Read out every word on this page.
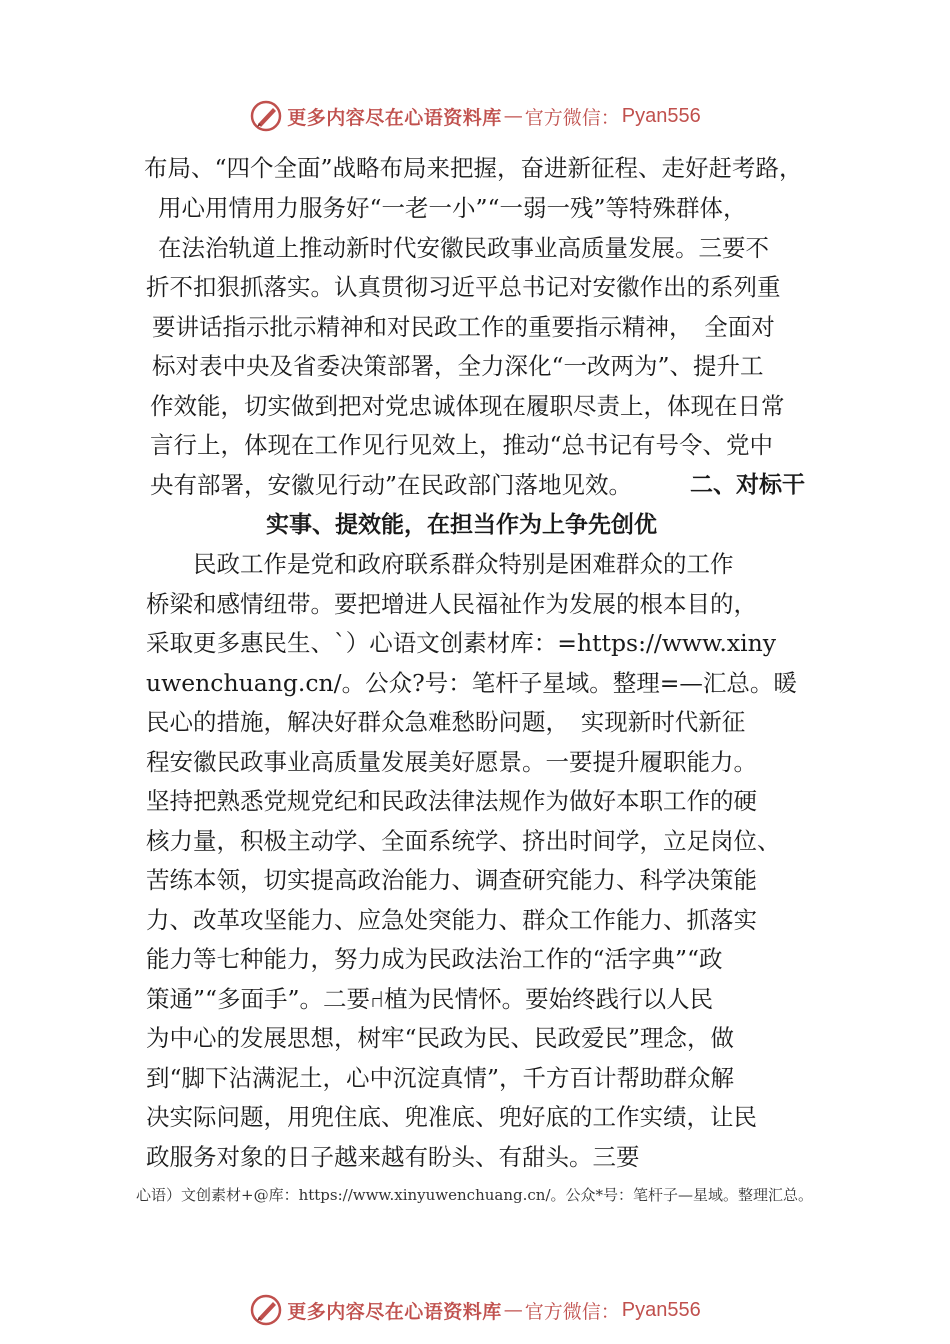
更多内容尽在心语资料库 — 官方微信： Pyan556
布局、“四个全面”战略布局来把握，奋进新征程、走好赶考路，
用心用情用力服务好“一老一小”“一弱一残”等特殊群体，
在法治轨道上推动新时代安徽民政事业高质量发展。三要不
折不扣狠抓落实。认真贯彻习近平总书记对安徽作出的系列重
要讲话指示批示精神和对民政工作的重要指示精神，　全面对
标对表中央及省委决策部署，全力深化“一改两为”、提升工
作效能，切实做到把对党忠诚体现在履职尽责上，体现在日常
言行上，体现在工作见行见效上，推动“总书记有号令、党中
央有部署，安徽见行动”在民政部门落地见效。	二、对标干
实事、提效能，在担当作为上争先创优
　　民政工作是党和政府联系群众特别是困难群众的工作
桥梁和感情纽带。要把增进人民福祉作为发展的根本目的，
采取更多惠民生、`）心语文创素材库：=https://www.xiny
uwenchuang.cn/。公众?号：笔杆子星域。整理=—汇总。暖
民心的措施，解决好群众急难愁盼问题，　实现新时代新征
程安徽民政事业高质量发展美好愿景。一要提升履职能力。
坚持把熟悉党规党纪和民政法律法规作为做好本职工作的硬
核力量，积极主动学、全面系统学、挤出时间学，立足岗位、
苦练本领，切实提高政治能力、调查研究能力、科学决策能
力、改革攻坚能力、应急处突能力、群众工作能力、抓落实
能力等七种能力，努力成为民政法治工作的“活字典”“政
策通”“多面手”。二要⑁植为民情怀。要始终践行以人民
为中心的发展思想，树牢“民政为民、民政爱民”理念，做
到“脚下沾满泥土，心中沉淀真情”，千方百计帮助群众解
决实际问题，用兜住底、兜准底、兜好底的工作实绩，让民
政服务对象的日子越来越有盼头、有甜头。三要
心语）文创素材+@库：https://www.xinyuwenchuang.cn/。公众*号：笔杆子—星域。整理汇总。
更多内容尽在心语资料库 — 官方微信： Pyan556
